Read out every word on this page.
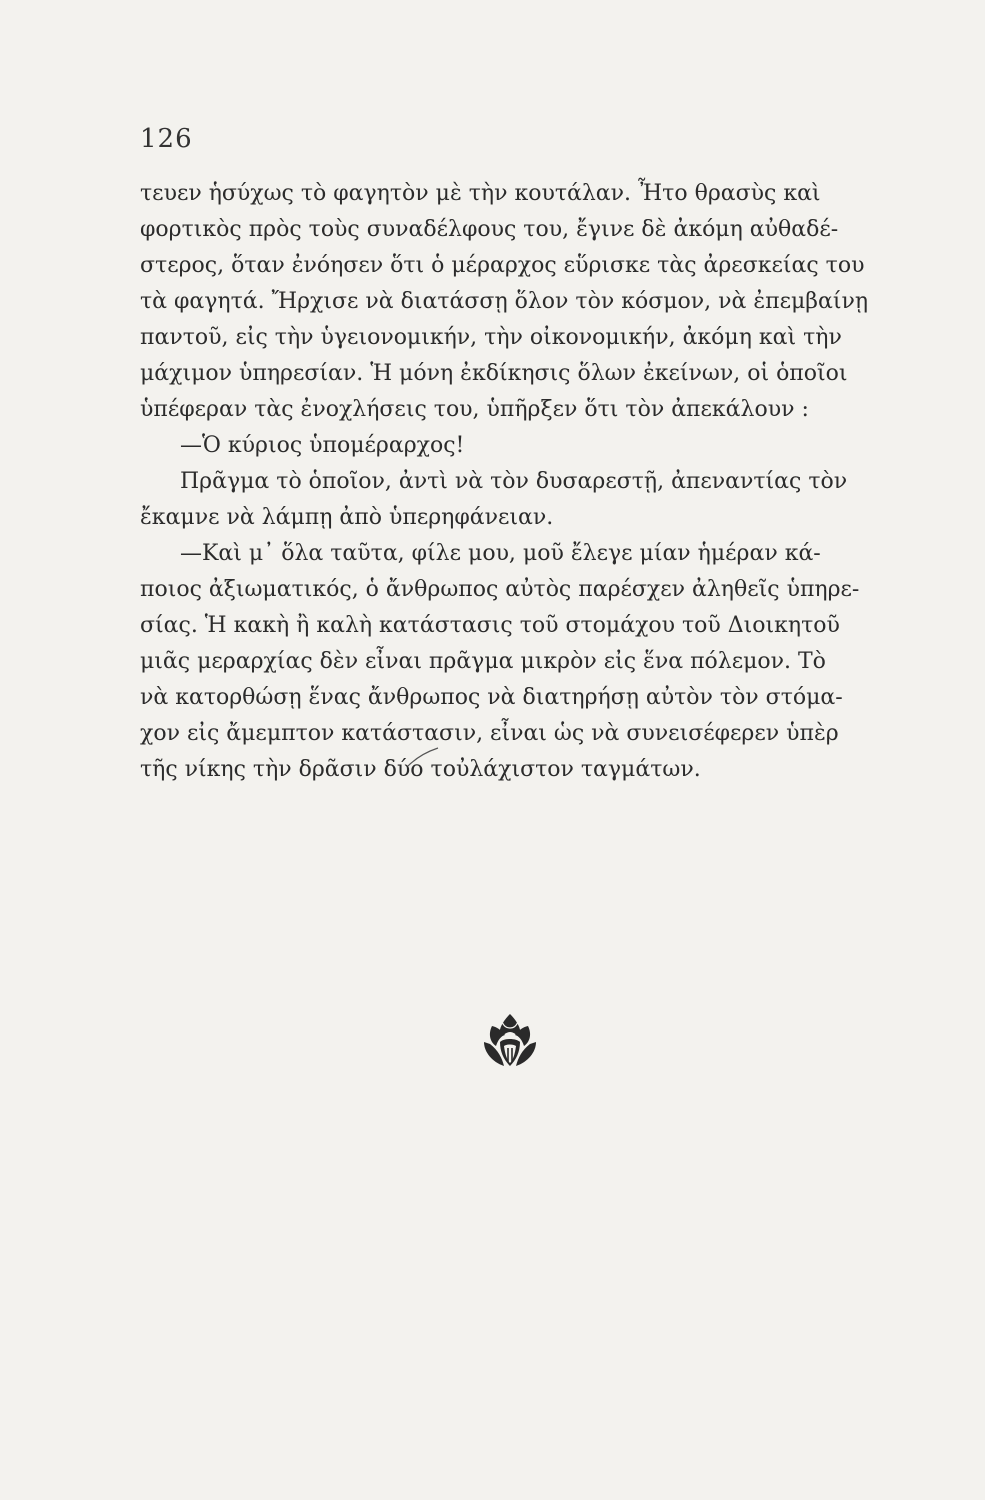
126
τευεν ἡσύχως τὸ φαγητὸν μὲ τὴν κουτάλαν. Ἦτο θρασὺς καὶ
φορτικὸς πρὸς τοὺς συναδέλφους του, ἔγινε δὲ ἀκόμη αὐθαδέ-
στερος, ὅταν ἐνόησεν ὅτι ὁ μέραρχος εὕρισκε τὰς ἀρεσκείας του
τὰ φαγητά. Ἤρχισε νὰ διατάσσῃ ὅλον τὸν κόσμον, νὰ ἐπεμβαίνῃ
παντοῦ, εἰς τὴν ὑγειονομικήν, τὴν οἰκονομικήν, ἀκόμη καὶ τὴν
μάχιμον ὑπηρεσίαν. Ἡ μόνη ἐκδίκησις ὅλων ἐκείνων, οἱ ὁποῖοι
ὑπέφεραν τὰς ἐνοχλήσεις του, ὑπῆρξεν ὅτι τὸν ἀπεκάλουν :
—Ὁ κύριος ὑπομέραρχος!
Πρᾶγμα τὸ ὁποῖον, ἀντὶ νὰ τὸν δυσαρεστῇ, ἀπεναντίας τὸν
ἔκαμνε νὰ λάμπῃ ἀπὸ ὑπερηφάνειαν.
—Καὶ μ᾽ ὅλα ταῦτα, φίλε μου, μοῦ ἔλεγε μίαν ἡμέραν κά-
ποιος ἀξιωματικός, ὁ ἄνθρωπος αὐτὸς παρέσχεν ἀληθεῖς ὑπηρε-
σίας. Ἡ κακὴ ἢ καλὴ κατάστασις τοῦ στομάχου τοῦ Διοικητοῦ
μιᾶς μεραρχίας δὲν εἶναι πρᾶγμα μικρὸν εἰς ἕνα πόλεμον. Τὸ
νὰ κατορθώσῃ ἕνας ἄνθρωπος νὰ διατηρήσῃ αὐτὸν τὸν στόμα-
χον εἰς ἄμεμπτον κατάστασιν, εἶναι ὡς νὰ συνεισέφερεν ὑπὲρ
τῆς νίκης τὴν δρᾶσιν δύο τοὐλάχιστον ταγμάτων.
